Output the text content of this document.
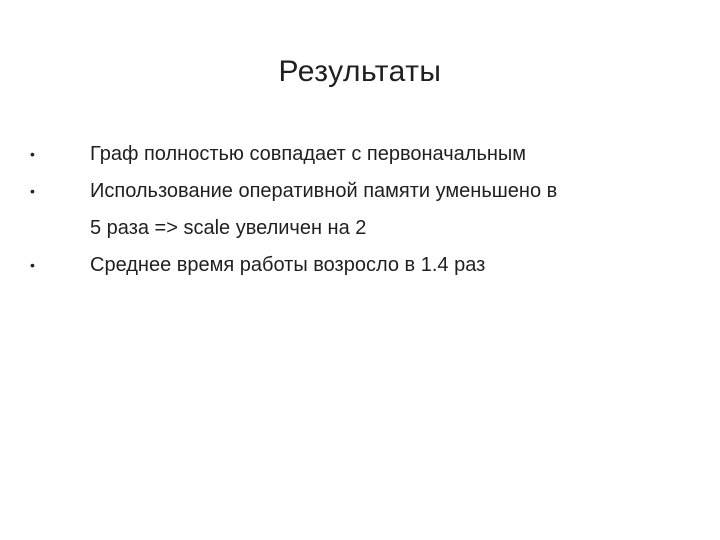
Результаты
•	Граф полностью совпадает с первоначальным
•	Использование оперативной памяти уменьшено в
5 раза => scale увеличен на 2
•	Среднее время работы возросло в 1.4 раз
